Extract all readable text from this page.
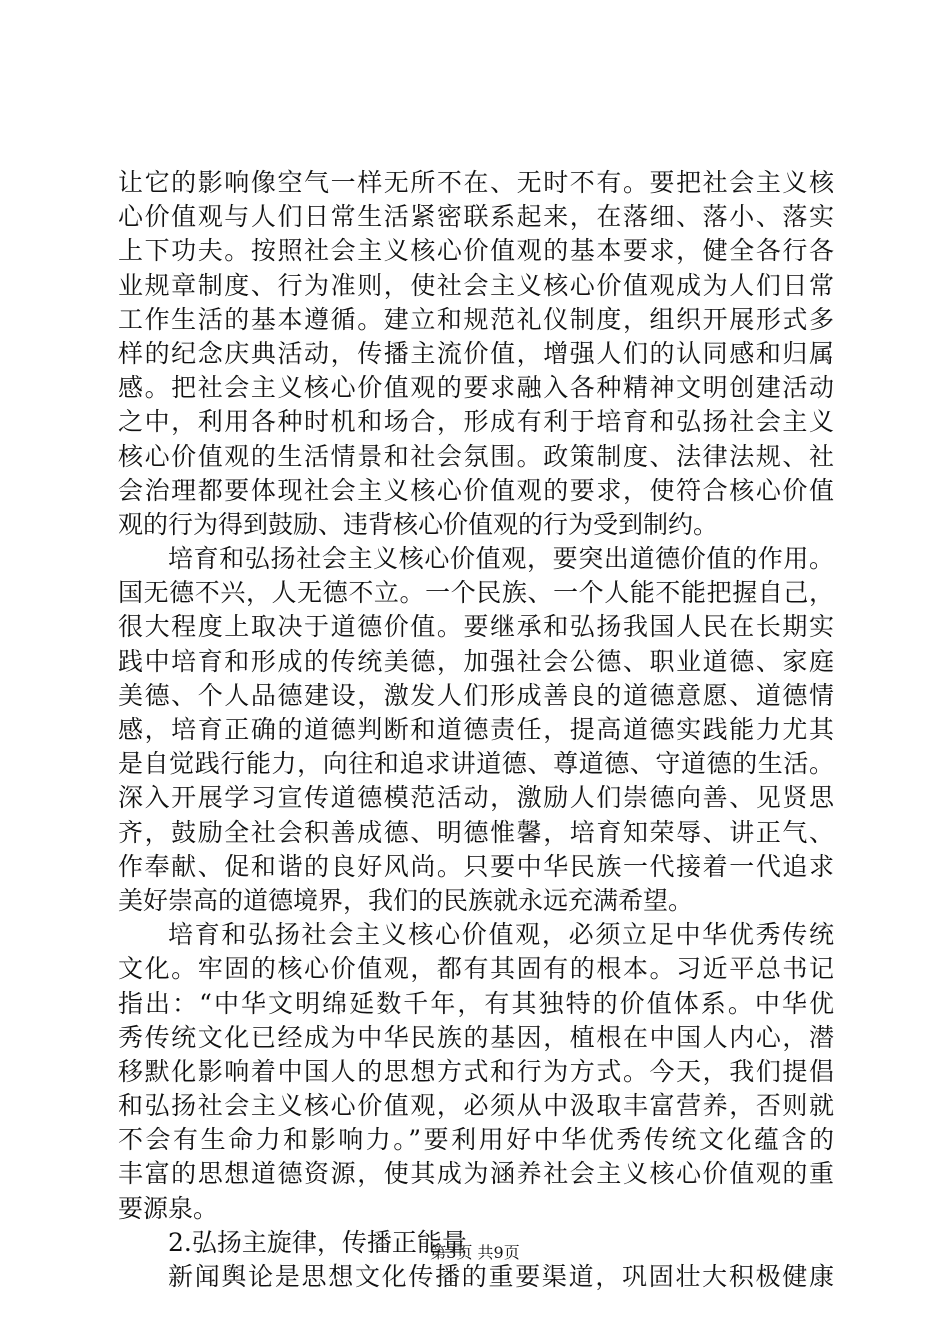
让它的影响像空气一样无所不在、无时不有。要把社会主义核
心价值观与人们日常生活紧密联系起来，在落细、落小、落实
上下功夫。按照社会主义核心价值观的基本要求，健全各行各
业规章制度、行为准则，使社会主义核心价值观成为人们日常
工作生活的基本遵循。建立和规范礼仪制度，组织开展形式多
样的纪念庆典活动，传播主流价值，增强人们的认同感和归属
感。把社会主义核心价值观的要求融入各种精神文明创建活动
之中，利用各种时机和场合，形成有利于培育和弘扬社会主义
核心价值观的生活情景和社会氛围。政策制度、法律法规、社
会治理都要体现社会主义核心价值观的要求，使符合核心价值
观的行为得到鼓励、违背核心价值观的行为受到制约。
培育和弘扬社会主义核心价值观，要突出道德价值的作用。
国无德不兴，人无德不立。一个民族、一个人能不能把握自己，
很大程度上取决于道德价值。要继承和弘扬我国人民在长期实
践中培育和形成的传统美德，加强社会公德、职业道德、家庭
美德、个人品德建设，激发人们形成善良的道德意愿、道德情
感，培育正确的道德判断和道德责任，提高道德实践能力尤其
是自觉践行能力，向往和追求讲道德、尊道德、守道德的生活。
深入开展学习宣传道德模范活动，激励人们崇德向善、见贤思
齐，鼓励全社会积善成德、明德惟馨，培育知荣辱、讲正气、
作奉献、促和谐的良好风尚。只要中华民族一代接着一代追求
美好崇高的道德境界，我们的民族就永远充满希望。
培育和弘扬社会主义核心价值观，必须立足中华优秀传统
文化。牢固的核心价值观，都有其固有的根本。习近平总书记
指出：“中华文明绵延数千年，有其独特的价值体系。中华优
秀传统文化已经成为中华民族的基因，植根在中国人内心，潜
移默化影响着中国人的思想方式和行为方式。今天，我们提倡
和弘扬社会主义核心价值观，必须从中汲取丰富营养，否则就
不会有生命力和影响力。”要利用好中华优秀传统文化蕴含的
丰富的思想道德资源，使其成为涵养社会主义核心价值观的重
要源泉。
2.弘扬主旋律，传播正能量
新闻舆论是思想文化传播的重要渠道，巩固壮大积极健康
第3页 共9页
